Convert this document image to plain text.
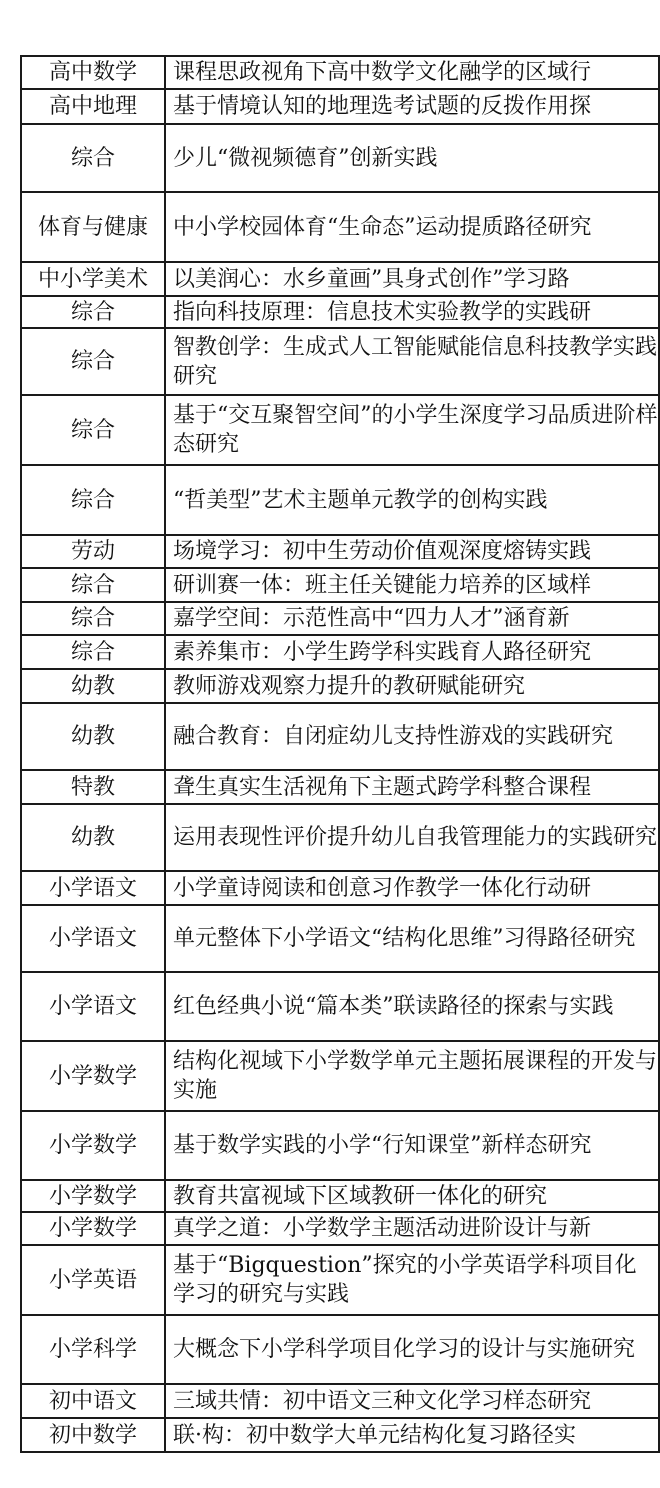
高中数学	课程思政视角下高中数学文化融学的区域行
高中地理	基于情境认知的地理选考试题的反拨作用探
综合	少儿“微视频德育”创新实践
体育与健康	中小学校园体育“生命态”运动提质路径研究
中小学美术	以美润心：水乡童画”具身式创作”学习路
综合	指向科技原理：信息技术实验教学的实践研
综合	智教创学：生成式人工智能赋能信息科技教学实践研究
综合	基于“交互聚智空间”的小学生深度学习品质进阶样态研究
综合	“哲美型”艺术主题单元教学的创构实践
劳动	场境学习：初中生劳动价值观深度熔铸实践
综合	研训赛一体：班主任关键能力培养的区域样
综合	嘉学空间：示范性高中“四力人才”涵育新
综合	素养集市：小学生跨学科实践育人路径研究
幼教	教师游戏观察力提升的教研赋能研究
幼教	融合教育：自闭症幼儿支持性游戏的实践研究
特教	聋生真实生活视角下主题式跨学科整合课程
幼教	运用表现性评价提升幼儿自我管理能力的实践研究
小学语文	小学童诗阅读和创意习作教学一体化行动研
小学语文	单元整体下小学语文“结构化思维”习得路径研究
小学语文	红色经典小说“篇本类”联读路径的探索与实践
小学数学	结构化视域下小学数学单元主题拓展课程的开发与实施
小学数学	基于数学实践的小学“行知课堂”新样态研究
小学数学	教育共富视域下区域教研一体化的研究
小学数学	真学之道：小学数学主题活动进阶设计与新
小学英语	基于“Bigquestion”探究的小学英语学科项目化学习的研究与实践
小学科学	大概念下小学科学项目化学习的设计与实施研究
初中语文	三域共情：初中语文三种文化学习样态研究
初中数学	联·构：初中数学大单元结构化复习路径实
